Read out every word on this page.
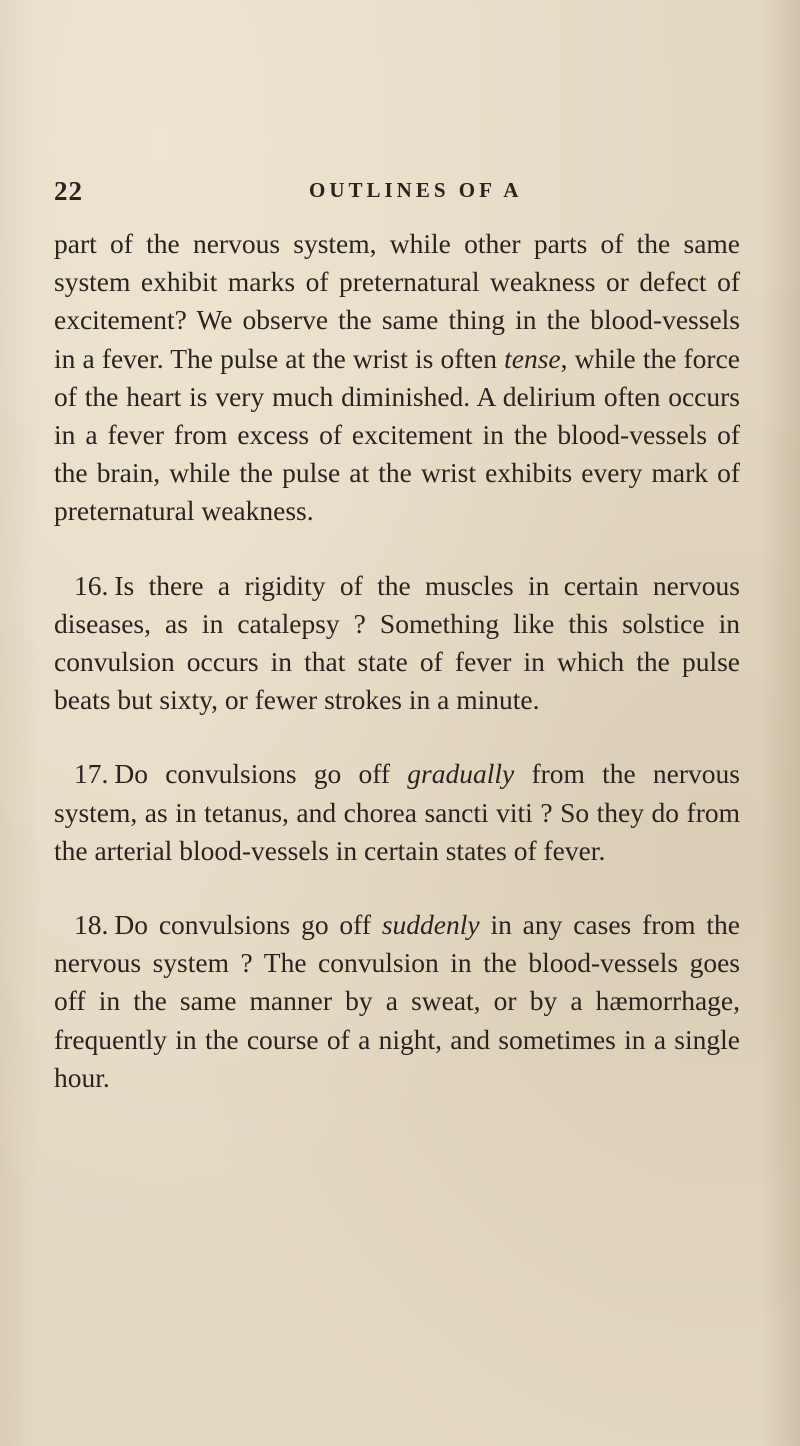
22	OUTLINES OF A

part of the nervous system, while other parts of the same system exhibit marks of preternatural weakness or defect of excitement? We observe the same thing in the blood-vessels in a fever. The pulse at the wrist is often tense, while the force of the heart is very much diminished. A delirium often occurs in a fever from excess of excitement in the blood-vessels of the brain, while the pulse at the wrist exhibits every mark of preternatural weakness.

16. Is there a rigidity of the muscles in certain nervous diseases, as in catalepsy ? Something like this solstice in convulsion occurs in that state of fever in which the pulse beats but sixty, or fewer strokes in a minute.

17. Do convulsions go off gradually from the nervous system, as in tetanus, and chorea sancti viti ? So they do from the arterial blood-vessels in certain states of fever.

18. Do convulsions go off suddenly in any cases from the nervous system ? The convulsion in the blood-vessels goes off in the same manner by a sweat, or by a hæmorrhage, frequently in the course of a night, and sometimes in a single hour.
